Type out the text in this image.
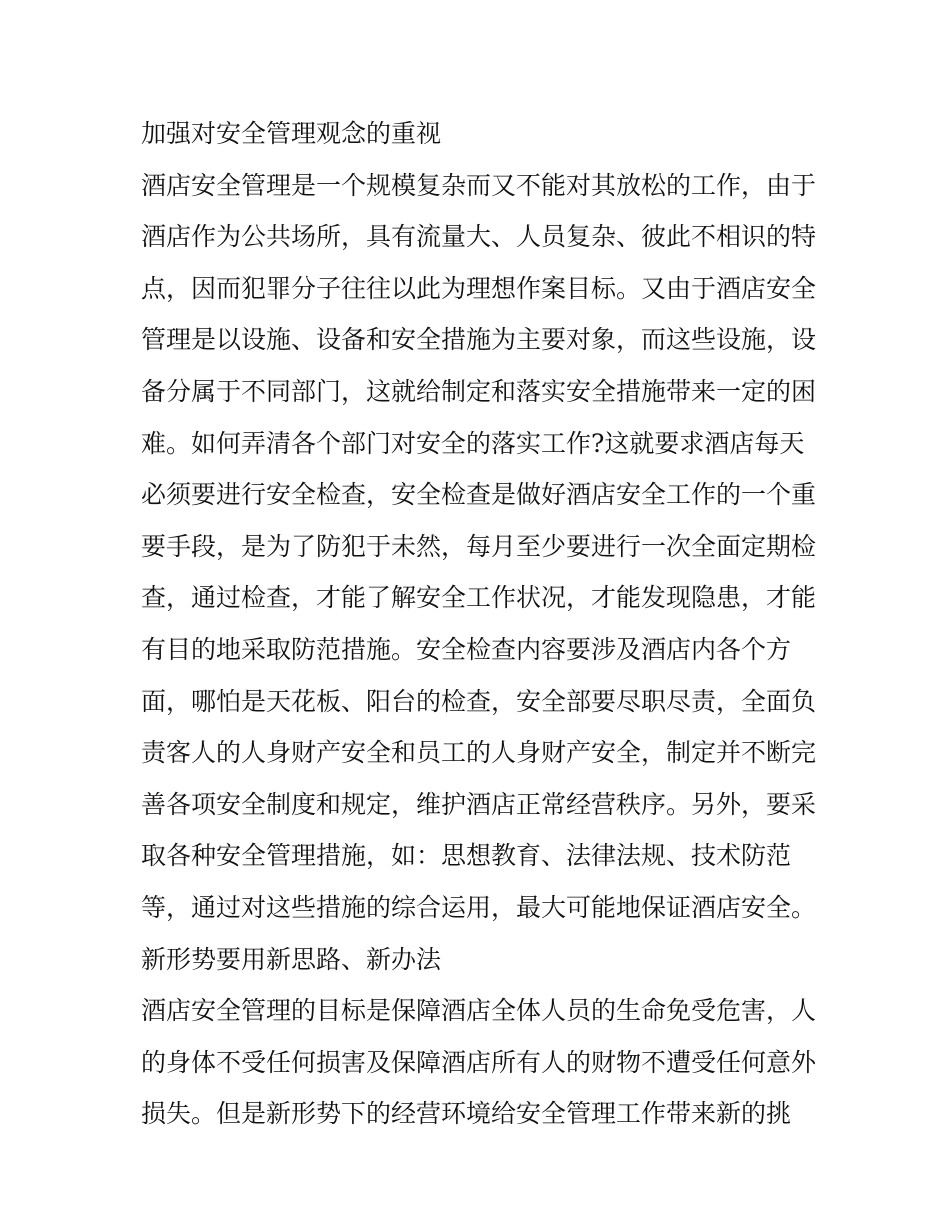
加强对安全管理观念的重视
酒店安全管理是一个规模复杂而又不能对其放松的工作，由于
酒店作为公共场所，具有流量大、人员复杂、彼此不相识的特
点，因而犯罪分子往往以此为理想作案目标。又由于酒店安全
管理是以设施、设备和安全措施为主要对象，而这些设施，设
备分属于不同部门，这就给制定和落实安全措施带来一定的困
难。如何弄清各个部门对安全的落实工作?这就要求酒店每天
必须要进行安全检查，安全检查是做好酒店安全工作的一个重
要手段，是为了防犯于未然，每月至少要进行一次全面定期检
查，通过检查，才能了解安全工作状况，才能发现隐患，才能
有目的地采取防范措施。安全检查内容要涉及酒店内各个方
面，哪怕是天花板、阳台的检查，安全部要尽职尽责，全面负
责客人的人身财产安全和员工的人身财产安全，制定并不断完
善各项安全制度和规定，维护酒店正常经营秩序。另外，要采
取各种安全管理措施，如：思想教育、法律法规、技术防范
等，通过对这些措施的综合运用，最大可能地保证酒店安全。
新形势要用新思路、新办法
酒店安全管理的目标是保障酒店全体人员的生命免受危害，人
的身体不受任何损害及保障酒店所有人的财物不遭受任何意外
损失。但是新形势下的经营环境给安全管理工作带来新的挑
